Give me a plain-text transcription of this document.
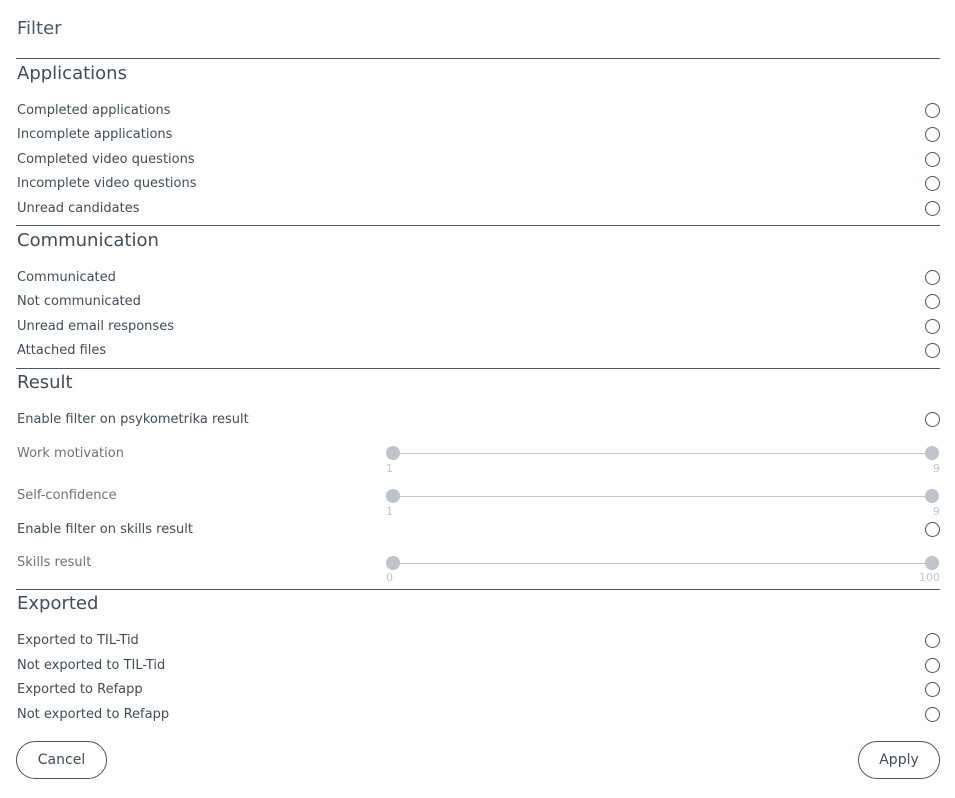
Filter
Applications
Completed applications
Incomplete applications
Completed video questions
Incomplete video questions
Unread candidates
Communication
Communicated
Not communicated
Unread email responses
Attached files
Result
Enable filter on psykometrika result
Work motivation
1	9
Self-confidence
1	9
Enable filter on skills result
Skills result
0	100
Exported
Exported to TIL-Tid
Not exported to TIL-Tid
Exported to Refapp
Not exported to Refapp
Cancel	Apply
